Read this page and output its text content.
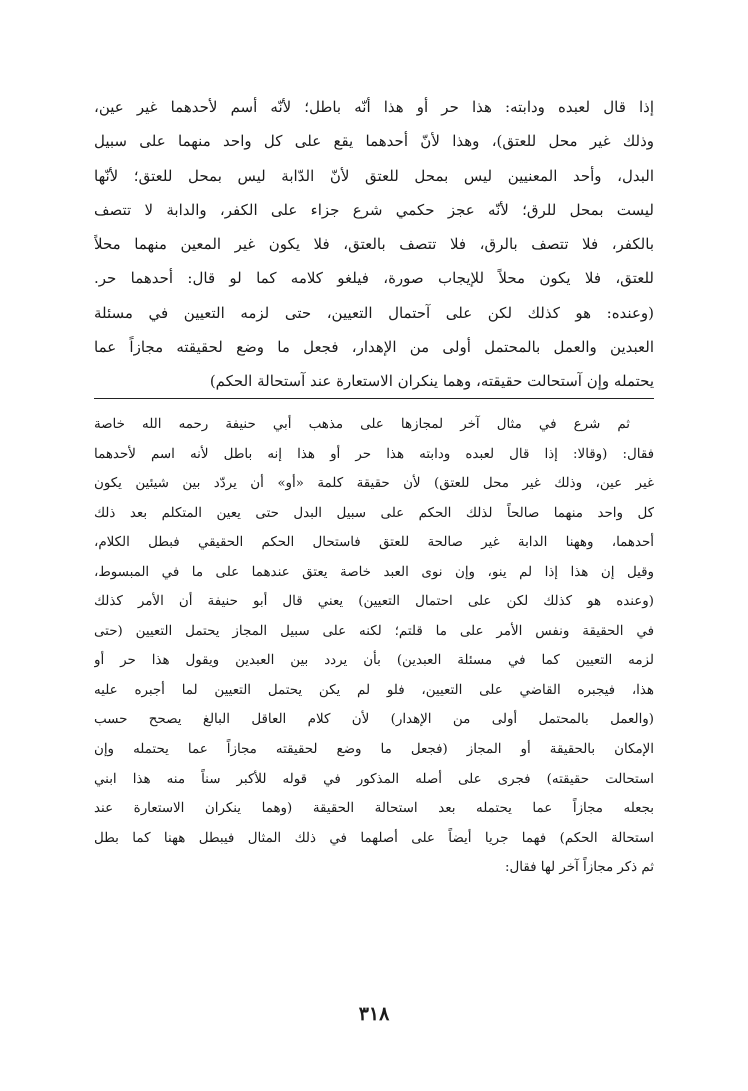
إذا قال لعبده ودابته: هذا حر أو هذا أنّه باطل؛ لأنّه أسم لأحدهما غير عين،
وذلك غير محل للعتق)، وهذا لأنّ أحدهما يقع على كل واحد منهما على سبيل
البدل، وأحد المعنيين ليس بمحل للعتق لأنّ الدّابة ليس بمحل للعتق؛ لأنّها
ليست بمحل للرق؛ لأنّه عجز حكمي شرع جزاء على الكفر، والدابة لا تتصف
بالكفر، فلا تتصف بالرق، فلا تتصف بالعتق، فلا يكون غير المعين منهما محلاً
للعتق، فلا يكون محلاً للإيجاب صورة، فيلغو كلامه كما لو قال: أحدهما حر.
(وعنده: هو كذلك لكن على آحتمال التعيين، حتى لزمه التعيين في مسئلة
العبدين والعمل بالمحتمل أولى من الإهدار، فجعل ما وضع لحقيقته مجازاً عما
يحتمله وإن آستحالت حقيقته، وهما ينكران الاستعارة عند آستحالة الحكم)
ثم شرع في مثال آخر لمجازها على مذهب أبي حنيفة رحمه الله خاصة
فقال: (وقالا: إذا قال لعبده ودابته هذا حر أو هذا إنه باطل لأنه اسم لأحدهما
غير عين، وذلك غير محل للعتق) لأن حقيقة كلمة «أو» أن يردّد بين شيئين يكون
كل واحد منهما صالحاً لذلك الحكم على سبيل البدل حتى يعين المتكلم بعد ذلك
أحدهما، وههنا الدابة غير صالحة للعتق فاستحال الحكم الحقيقي فبطل الكلام،
وقيل إن هذا إذا لم ينو، وإن نوى العبد خاصة يعتق عندهما على ما في المبسوط،
(وعنده هو كذلك لكن على احتمال التعيين) يعني قال أبو حنيفة أن الأمر كذلك
في الحقيقة ونفس الأمر على ما قلتم؛ لكنه على سبيل المجاز يحتمل التعيين (حتى
لزمه التعيين كما في مسئلة العبدين) بأن يردد بين العبدين ويقول هذا حر أو
هذا، فيجبره القاضي على التعيين، فلو لم يكن يحتمل التعيين لما أجبره عليه
(والعمل بالمحتمل أولى من الإهدار) لأن كلام العاقل البالغ يصحح حسب
الإمكان بالحقيقة أو المجاز (فجعل ما وضع لحقيقته مجازاً عما يحتمله وإن
استحالت حقيقته) فجرى على أصله المذكور في قوله للأكبر سناً منه هذا ابني
بجعله مجازاً عما يحتمله بعد استحالة الحقيقة (وهما ينكران الاستعارة عند
استحالة الحكم) فهما جريا أيضاً على أصلهما في ذلك المثال فيبطل ههنا كما بطل
ثم ذكر مجازاً آخر لها فقال:
٣١٨
